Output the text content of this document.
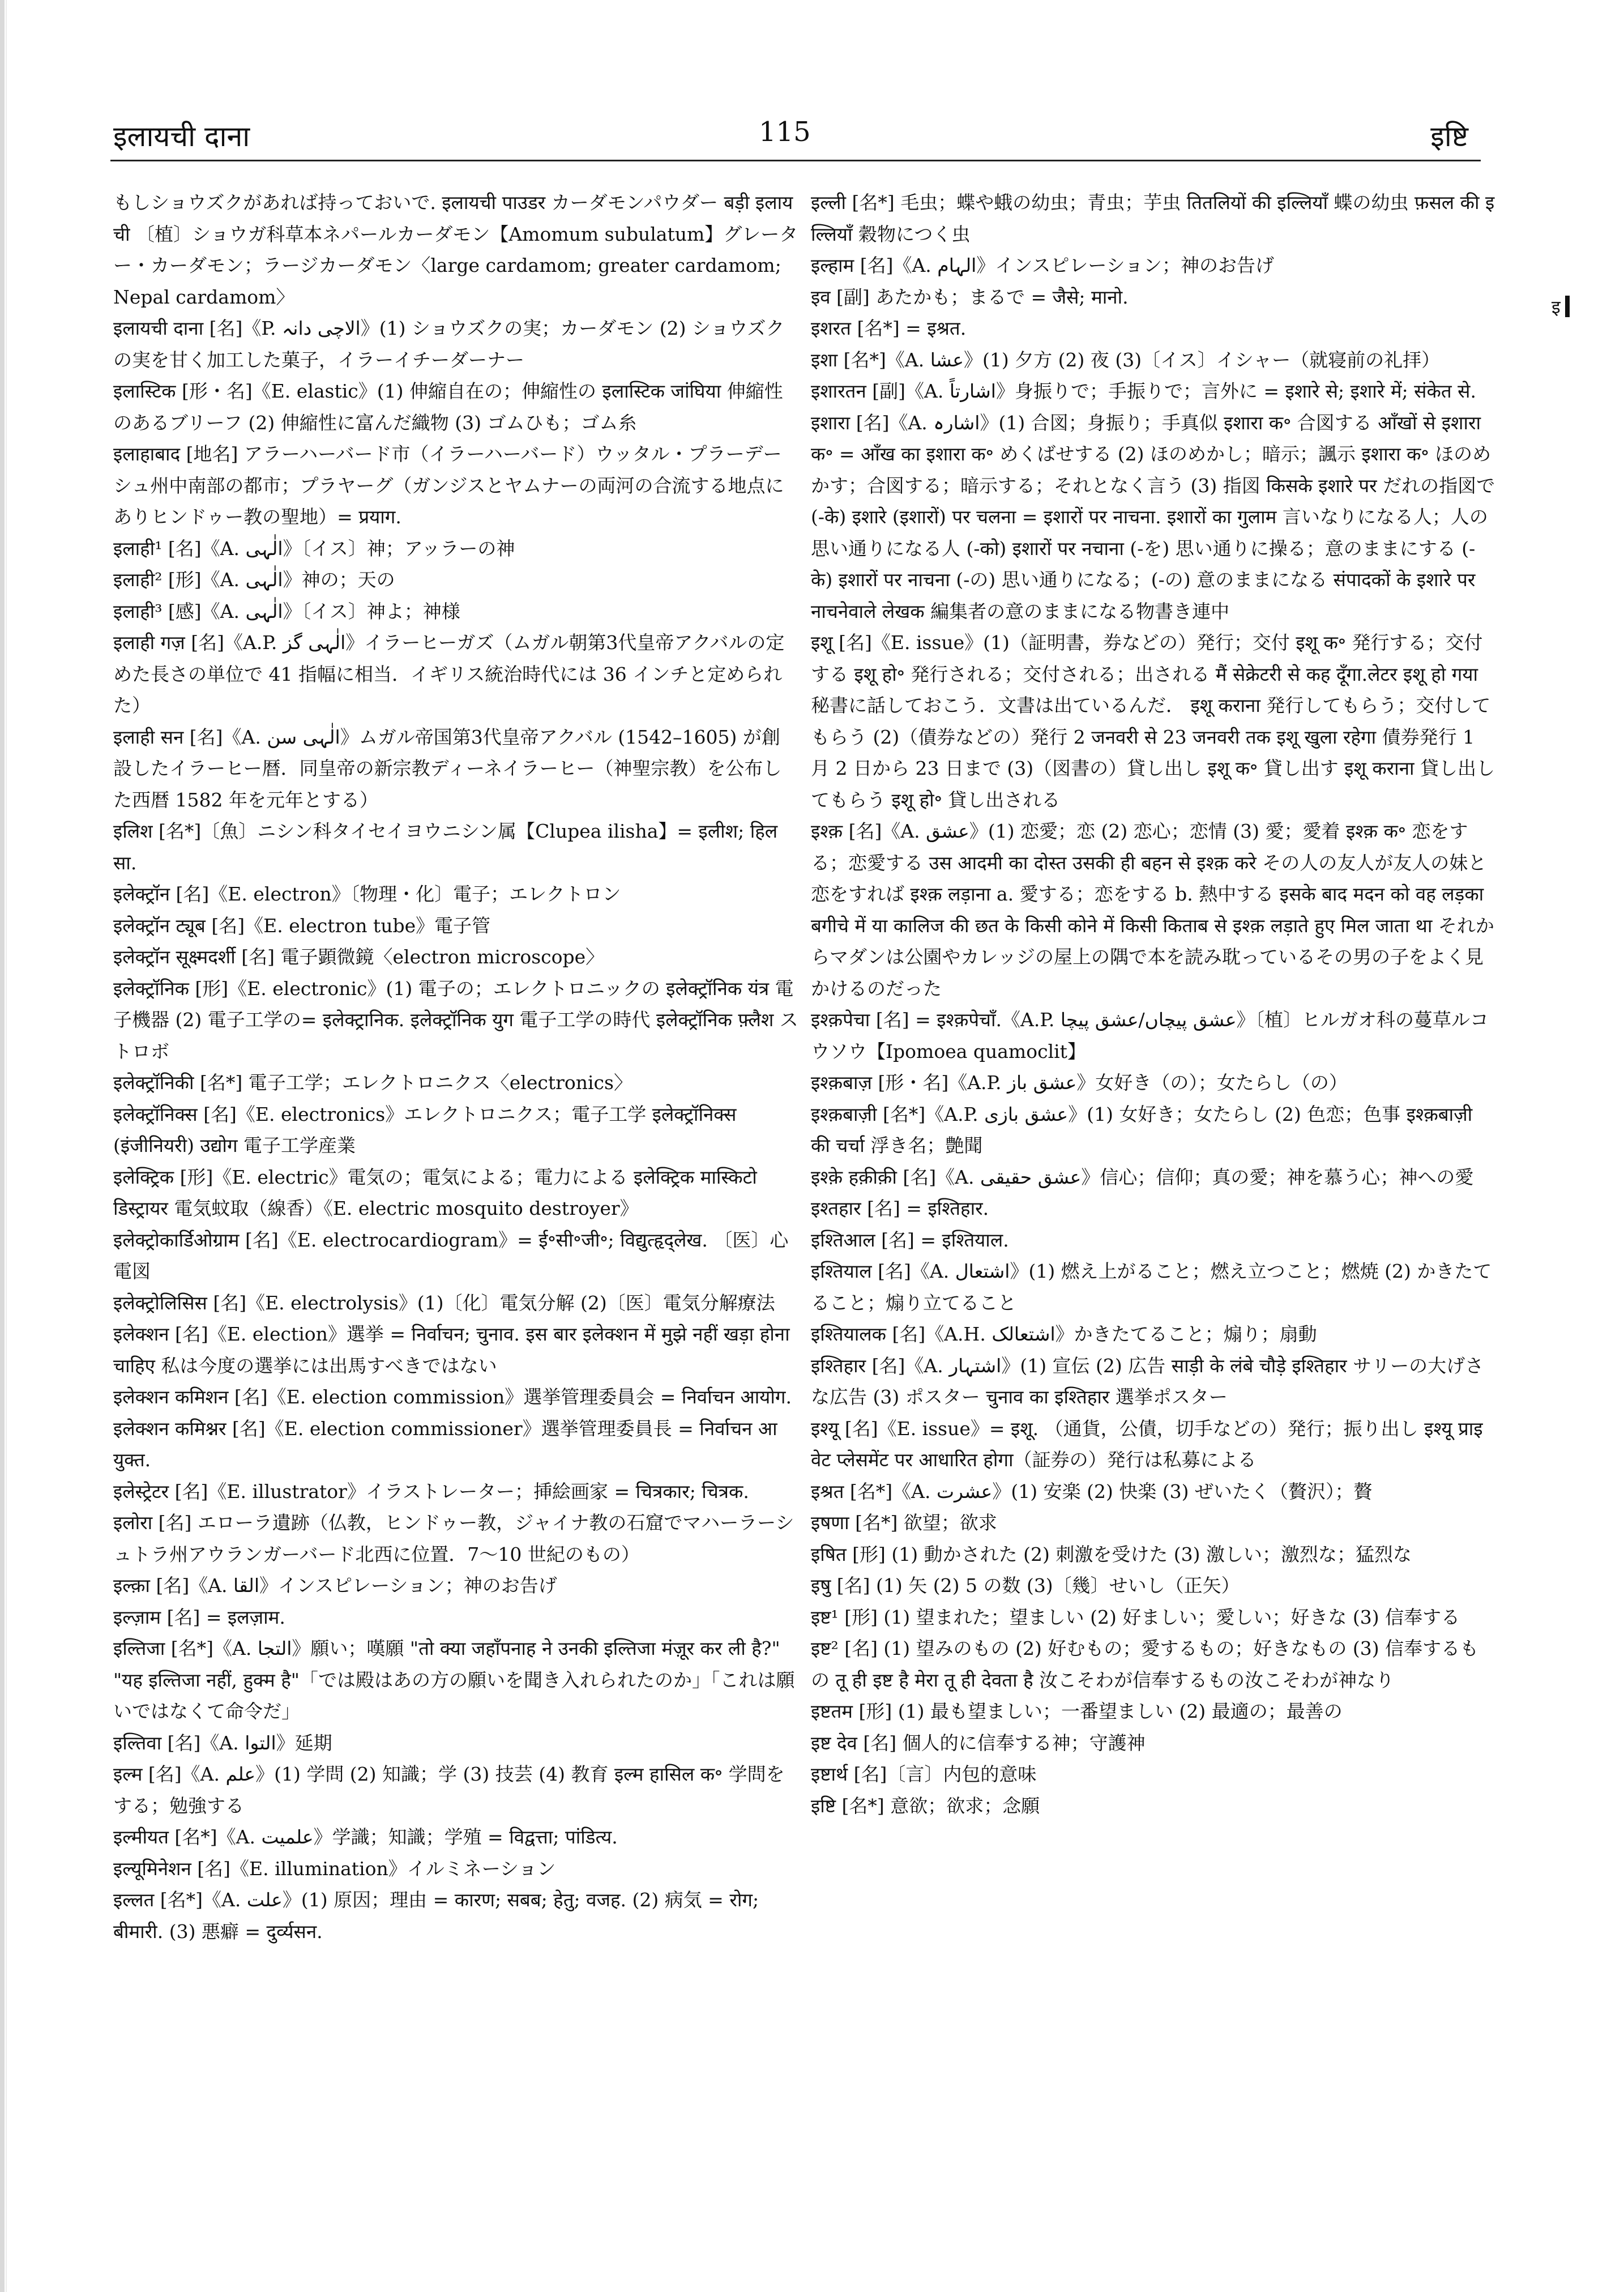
इलायची दाना	115	इष्टि
इ

もしショウズクがあれば持っておいで. इलायची पाउडर カーダモンパウダー बड़ी इलायची 〔植〕ショウガ科草本ネパールカーダモン【Amomum subulatum】グレーター・カーダモン；ラージカーダモン〈large cardamom; greater cardamom; Nepal cardamom〉

इलायची दाना [名]《P. الاچی دانہ》(1) ショウズクの実；カーダモン (2) ショウズクの実を甘く加工した菓子，イラーイチーダーナー

इलास्टिक [形・名]《E. elastic》(1) 伸縮自在の；伸縮性の इलास्टिक जांघिया 伸縮性のあるブリーフ (2) 伸縮性に富んだ織物 (3) ゴムひも；ゴム糸

इलाहाबाद [地名] アラーハーバード市（イラーハーバード）ウッタル・プラーデーシュ州中南部の都市；プラヤーグ（ガンジスとヤムナーの両河の合流する地点にありヒンドゥー教の聖地）= प्रयाग.

इलाही¹ [名]《A. الٰہی》〔イス〕神；アッラーの神

इलाही² [形]《A. الٰہی》神の；天の

इलाही³ [感]《A. الٰہی》〔イス〕神よ；神様

इलाही गज़ [名]《A.P. الٰہی گز》イラーヒーガズ（ムガル朝第3代皇帝アクバルの定めた長さの単位で 41 指幅に相当．イギリス統治時代には 36 インチと定められた）

इलाही सन [名]《A. الٰہی سن》ムガル帝国第3代皇帝アクバル (1542–1605) が創設したイラーヒー暦．同皇帝の新宗教ディーネイラーヒー（神聖宗教）を公布した西暦 1582 年を元年とする）

इलिश [名*]〔魚〕ニシン科タイセイヨウニシン属【Clupea ilisha】= इलीश; हिलसा.

इलेक्ट्रॉन [名]《E. electron》〔物理・化〕電子；エレクトロン

इलेक्ट्रॉन ट्यूब [名]《E. electron tube》電子管

इलेक्ट्रॉन सूक्ष्मदर्शी [名] 電子顕微鏡〈electron microscope〉

इलेक्ट्रॉनिक [形]《E. electronic》(1) 電子の；エレクトロニックの इलेक्ट्रॉनिक यंत्र 電子機器 (2) 電子工学の= इलेक्ट्रानिक. इलेक्ट्रॉनिक युग 電子工学の時代 इलेक्ट्रॉनिक फ़्लैश ストロボ

इलेक्ट्रॉनिकी [名*] 電子工学；エレクトロニクス〈electronics〉

इलेक्ट्रॉनिक्स [名]《E. electronics》エレクトロニクス；電子工学 इलेक्ट्रॉनिक्स (इंजीनियरी) उद्योग 電子工学産業

इलेक्ट्रिक [形]《E. electric》電気の；電気による；電力による इलेक्ट्रिक मास्किटो डिस्ट्रायर 電気蚊取（線香）《E. electric mosquito destroyer》

इलेक्ट्रोकार्डिओग्राम [名]《E. electrocardiogram》= ई॰सी॰जी॰; विद्युत्हृद्लेख. 〔医〕心電図

इलेक्ट्रोलिसिस [名]《E. electrolysis》(1)〔化〕電気分解 (2)〔医〕電気分解療法

इलेक्शन [名]《E. election》選挙 = निर्वाचन; चुनाव. इस बार इलेक्शन में मुझे नहीं खड़ा होना चाहिए 私は今度の選挙には出馬すべきではない

इलेक्शन कमिशन [名]《E. election commission》選挙管理委員会 = निर्वाचन आयोग.

इलेक्शन कमिश्नर [名]《E. election commissioner》選挙管理委員長 = निर्वाचन आयुक्त.

इलेस्ट्रेटर [名]《E. illustrator》イラストレーター；挿絵画家 = चित्रकार; चित्रक.

इलोरा [名] エローラ遺跡（仏教，ヒンドゥー教，ジャイナ教の石窟でマハーラーシュトラ州アウランガーバード北西に位置．7〜10 世紀のもの）

इल्क़ा [名]《A. القا》インスピレーション；神のお告げ

इल्ज़ाम [名] = इलज़ाम.

इल्तिजा [名*]《A. التجا》願い；嘆願 "तो क्या जहाँपनाह ने उनकी इल्तिजा मंज़ूर कर ली है?" "यह इल्तिजा नहीं, हुक्म है"「では殿はあの方の願いを聞き入れられたのか」「これは願いではなくて命令だ」

इल्तिवा [名]《A. التوا》延期

इल्म [名]《A. علم》(1) 学問 (2) 知識；学 (3) 技芸 (4) 教育 इल्म हासिल क॰ 学問をする；勉強する

इल्मीयत [名*]《A. علمیت》学識；知識；学殖 = विद्वत्ता; पांडित्य.

इल्यूमिनेशन [名]《E. illumination》イルミネーション

इल्लत [名*]《A. علت》(1) 原因；理由 = कारण; सबब; हेतु; वजह. (2) 病気 = रोग; बीमारी. (3) 悪癖 = दुर्व्यसन.

इल्ली [名*] 毛虫；蝶や蛾の幼虫；青虫；芋虫 तितलियों की इल्लियाँ 蝶の幼虫 फ़सल की इल्लियाँ 穀物につく虫

इल्हाम [名]《A. الہام》インスピレーション；神のお告げ

इव [副] あたかも；まるで = जैसे; मानो.

इशरत [名*] = इश्रत.

इशा [名*]《A. عشا》(1) 夕方 (2) 夜 (3)〔イス〕イシャー（就寝前の礼拝）

इशारतन [副]《A. اشارتاً》身振りで；手振りで；言外に = इशारे से; इशारे में; संकेत से.

इशारा [名]《A. اشارہ》(1) 合図；身振り；手真似 इशारा क॰ 合図する आँखों से इशारा क॰ = आँख का इशारा क॰ めくばせする (2) ほのめかし；暗示；諷示 इशारा क॰ ほのめかす；合図する；暗示する；それとなく言う (3) 指図 किसके इशारे पर だれの指図で (-के) इशारे (इशारों) पर चलना = इशारों पर नाचना. इशारों का गुलाम 言いなりになる人；人の思い通りになる人 (-को) इशारों पर नचाना (-を) 思い通りに操る；意のままにする (-के) इशारों पर नाचना (-の) 思い通りになる；(-の) 意のままになる संपादकों के इशारे पर नाचनेवाले लेखक 編集者の意のままになる物書き連中

इशू [名]《E. issue》(1)（証明書，券などの）発行；交付 इशू क॰ 発行する；交付する इशू हो॰ 発行される；交付される；出される मैं सेक्रेटरी से कह दूँगा.लेटर इशू हो गया 秘書に話しておこう．文書は出ているんだ． इशू कराना 発行してもらう；交付してもらう (2)（債券などの）発行 2 जनवरी से 23 जनवरी तक इशू खुला रहेगा 債券発行 1 月 2 日から 23 日まで (3)（図書の）貸し出し इशू क॰ 貸し出す इशू कराना 貸し出してもらう इशू हो॰ 貸し出される

इश्क़ [名]《A. عشق》(1) 恋愛；恋 (2) 恋心；恋情 (3) 愛；愛着 इश्क़ क॰ 恋をする；恋愛する उस आदमी का दोस्त उसकी ही बहन से इश्क़ करे その人の友人が友人の妹と恋をすれば इश्क़ लड़ाना a. 愛する；恋をする b. 熱中する इसके बाद मदन को वह लड़का बगीचे में या कालिज की छत के किसी कोने में किसी किताब से इश्क़ लड़ाते हुए मिल जाता था それからマダンは公園やカレッジの屋上の隅で本を読み耽っているその男の子をよく見かけるのだった

इश्क़पेचा [名] = इश्क़पेचाँ.《A.P. عشق پیچاں/عشق پیچا》〔植〕ヒルガオ科の蔓草ルコウソウ【Ipomoea quamoclit】

इश्क़बाज़ [形・名]《A.P. عشق باز》女好き（の）；女たらし（の）

इश्क़बाज़ी [名*]《A.P. عشق بازی》(1) 女好き；女たらし (2) 色恋；色事 इश्क़बाज़ी की चर्चा 浮き名；艶聞

इश्क़े हक़ीक़ी [名]《A. عشق حقیقی》信心；信仰；真の愛；神を慕う心；神への愛

इश्तहार [名] = इश्तिहार.

इश्तिआल [名] = इश्तियाल.

इश्तियाल [名]《A. اشتعال》(1) 燃え上がること；燃え立つこと；燃焼 (2) かきたてること；煽り立てること

इश्तियालक [名]《A.H. اشتعالک》かきたてること；煽り；扇動

इश्तिहार [名]《A. اشتہار》(1) 宣伝 (2) 広告 साड़ी के लंबे चौड़े इश्तिहार サリーの大げさな広告 (3) ポスター चुनाव का इश्तिहार 選挙ポスター

इश्यू [名]《E. issue》= इशू. （通貨，公債，切手などの）発行；振り出し इश्यू प्राइवेट प्लेसमेंट पर आधारित होगा（証券の）発行は私募による

इश्रत [名*]《A. عشرت》(1) 安楽 (2) 快楽 (3) ぜいたく（贅沢）；贅

इषणा [名*] 欲望；欲求

इषित [形] (1) 動かされた (2) 刺激を受けた (3) 激しい；激烈な；猛烈な

इषु [名] (1) 矢 (2) 5 の数 (3)〔幾〕せいし（正矢）

इष्ट¹ [形] (1) 望まれた；望ましい (2) 好ましい；愛しい；好きな (3) 信奉する

इष्ट² [名] (1) 望みのもの (2) 好むもの；愛するもの；好きなもの (3) 信奉するもの तू ही इष्ट है मेरा तू ही देवता है 汝こそわが信奉するもの汝こそわが神なり

इष्टतम [形] (1) 最も望ましい；一番望ましい (2) 最適の；最善の

इष्ट देव [名] 個人的に信奉する神；守護神

इष्टार्थ [名]〔言〕内包的意味

इष्टि [名*] 意欲；欲求；念願
